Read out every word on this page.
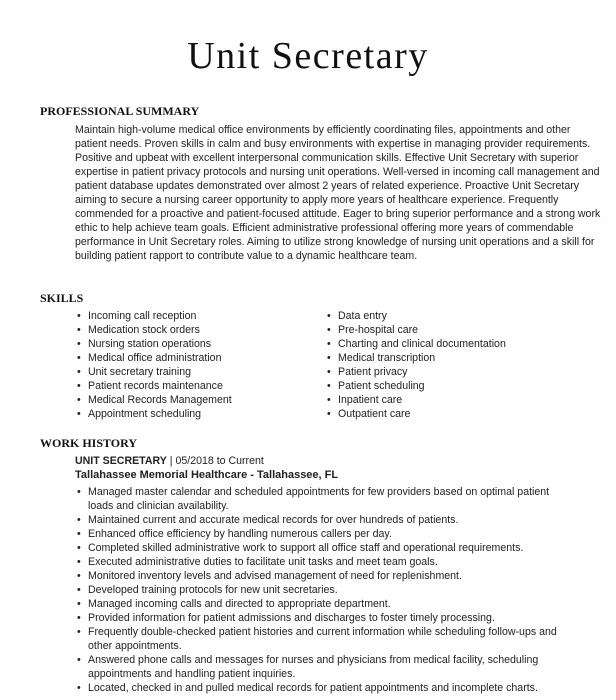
Unit Secretary
PROFESSIONAL SUMMARY
Maintain high-volume medical office environments by efficiently coordinating files, appointments and other patient needs. Proven skills in calm and busy environments with expertise in managing provider requirements. Positive and upbeat with excellent interpersonal communication skills. Effective Unit Secretary with superior expertise in patient privacy protocols and nursing unit operations. Well-versed in incoming call management and patient database updates demonstrated over almost 2 years of related experience. Proactive Unit Secretary aiming to secure a nursing career opportunity to apply more years of healthcare experience. Frequently commended for a proactive and patient-focused attitude. Eager to bring superior performance and a strong work ethic to help achieve team goals. Efficient administrative professional offering more years of commendable performance in Unit Secretary roles. Aiming to utilize strong knowledge of nursing unit operations and a skill for building patient rapport to contribute value to a dynamic healthcare team.
SKILLS
• Incoming call reception	• Data entry
• Medication stock orders	• Pre-hospital care
• Nursing station operations	• Charting and clinical documentation
• Medical office administration	• Medical transcription
• Unit secretary training	• Patient privacy
• Patient records maintenance	• Patient scheduling
• Medical Records Management	• Inpatient care
• Appointment scheduling	• Outpatient care
WORK HISTORY
UNIT SECRETARY | 05/2018 to Current
Tallahassee Memorial Healthcare - Tallahassee, FL
• Managed master calendar and scheduled appointments for few providers based on optimal patient loads and clinician availability.
• Maintained current and accurate medical records for over hundreds of patients.
• Enhanced office efficiency by handling numerous callers per day.
• Completed skilled administrative work to support all office staff and operational requirements.
• Executed administrative duties to facilitate unit tasks and meet team goals.
• Monitored inventory levels and advised management of need for replenishment.
• Developed training protocols for new unit secretaries.
• Managed incoming calls and directed to appropriate department.
• Provided information for patient admissions and discharges to foster timely processing.
• Frequently double-checked patient histories and current information while scheduling follow-ups and other appointments.
• Answered phone calls and messages for nurses and physicians from medical facility, scheduling appointments and handling patient inquiries.
• Located, checked in and pulled medical records for patient appointments and incomplete charts.
